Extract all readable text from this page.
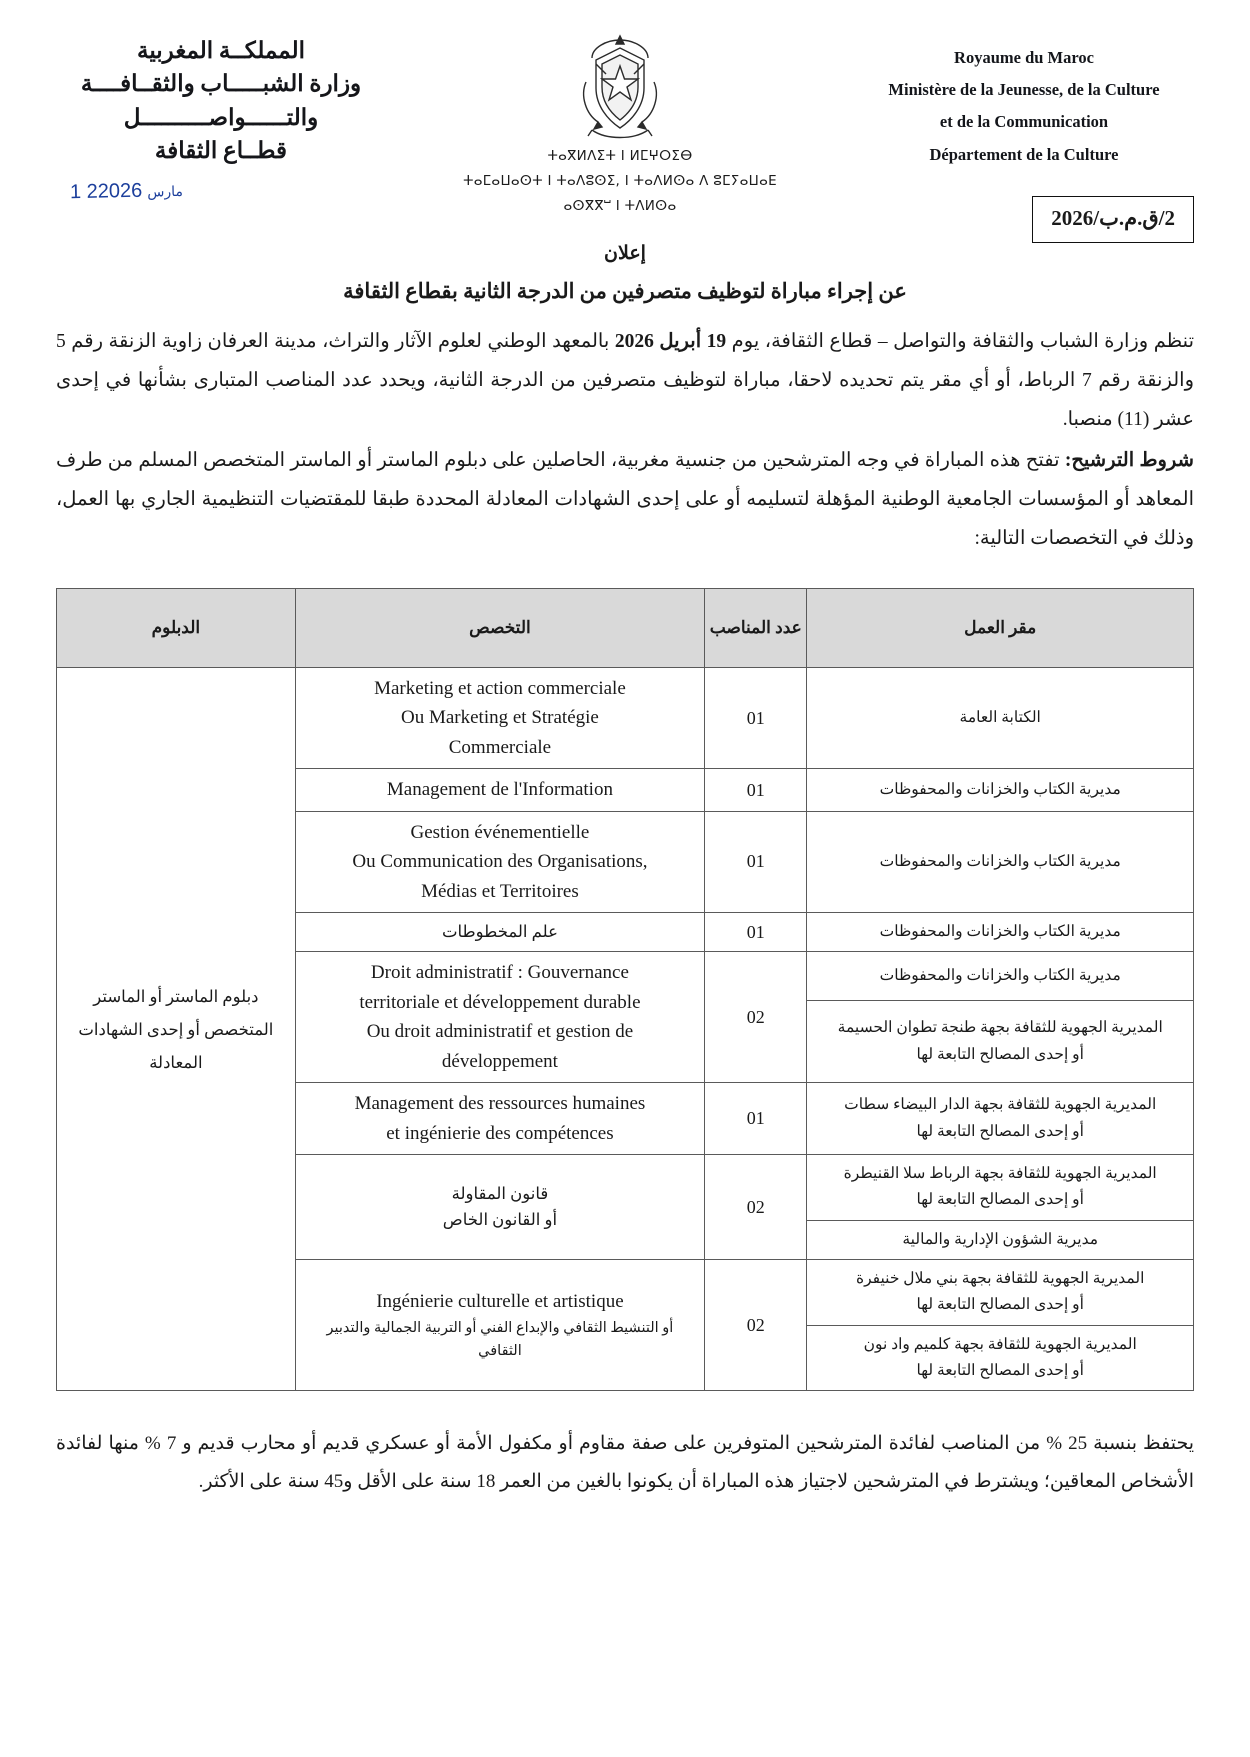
المملكــة المغربية
وزارة الشبـــــاب والثقــافــــة
والتــــــواصــــــــــل
قطــاع الثقافة	ⵜⴰⴳⵍⴷⵉⵜ ⵏ ⵍⵎⵖⵔⵉⴱ
ⵜⴰⵎⴰⵡⴰⵙⵜ ⵏ ⵜⴰⴷⵓⵙⵉ, ⵏ ⵜⴰⴷⵍⵙⴰ ⴷ ⵓⵎⵢⴰⵡⴰⴹ
ⴰⵙⴳⴳⵯ ⵏ ⵜⴷⵍⵙⴰ
Royaume du Maroc
Ministère de la Jeunesse, de la Culture
et de la Communication
Département de la Culture
1 2	مارس2026
2/ق.م.ب/2026
إعلان
عن إجراء مباراة لتوظيف متصرفين من الدرجة الثانية بقطاع الثقافة

تنظم وزارة الشباب والثقافة والتواصل – قطاع الثقافة، يوم 19 أبريل 2026 بالمعهد الوطني لعلوم الآثار والتراث، مدينة العرفان زاوية الزنقة رقم 5 والزنقة رقم 7 الرباط، أو أي مقر يتم تحديده لاحقا، مباراة لتوظيف متصرفين من الدرجة الثانية، ويحدد عدد المناصب المتبارى بشأنها في إحدى عشر (11) منصبا.

شروط الترشيح: تفتح هذه المباراة في وجه المترشحين من جنسية مغربية، الحاصلين على دبلوم الماستر أو الماستر المتخصص المسلم من طرف المعاهد أو المؤسسات الجامعية الوطنية المؤهلة لتسليمه أو على إحدى الشهادات المعادلة المحددة طبقا للمقتضيات التنظيمية الجاري بها العمل، وذلك في التخصصات التالية:

مقر العمل	عدد المناصب	التخصص	الدبلوم

الكتابة العامة	01	Marketing et action commerciale
Ou Marketing et Stratégie
Commerciale	دبلوم الماستر أو الماستر المتخصص أو إحدى الشهادات المعادلة

مديرية الكتاب والخزانات والمحفوظات	01	Management de l'Information	

مديرية الكتاب والخزانات والمحفوظات	01	Gestion événementielle
Ou Communication des Organisations,
Médias et Territoires	

مديرية الكتاب والخزانات والمحفوظات	01	علم المخطوطات	

مديرية الكتاب والخزانات والمحفوظات	02	Droit administratif : Gouvernance
territoriale et développement durable
Ou droit administratif et gestion de
développement	

المديرية الجهوية للثقافة بجهة طنجة تطوان الحسيمة
أو إحدى المصالح التابعة لها			

المديرية الجهوية للثقافة بجهة الدار البيضاء سطات
أو إحدى المصالح التابعة لها	01	Management des ressources humaines
et ingénierie des compétences	

المديرية الجهوية للثقافة بجهة الرباط سلا القنيطرة
أو إحدى المصالح التابعة لها	02	قانون المقاولة
أو القانون الخاص	

مديرية الشؤون الإدارية والمالية			

المديرية الجهوية للثقافة بجهة بني ملال خنيفرة
أو إحدى المصالح التابعة لها	02	Ingénierie culturelle et artistique
أو التنشيط الثقافي والإبداع الفني أو التربية الجمالية والتدبير
الثقافي	

المديرية الجهوية للثقافة بجهة كلميم واد نون
أو إحدى المصالح التابعة لها			
يحتفظ بنسبة 25 % من المناصب لفائدة المترشحين المتوفرين على صفة مقاوم أو مكفول الأمة أو عسكري قديم أو محارب قديم و 7 % منها لفائدة الأشخاص المعاقين؛ ويشترط في المترشحين لاجتياز هذه المباراة أن يكونوا بالغين من العمر 18 سنة على الأقل و45 سنة على الأكثر.
